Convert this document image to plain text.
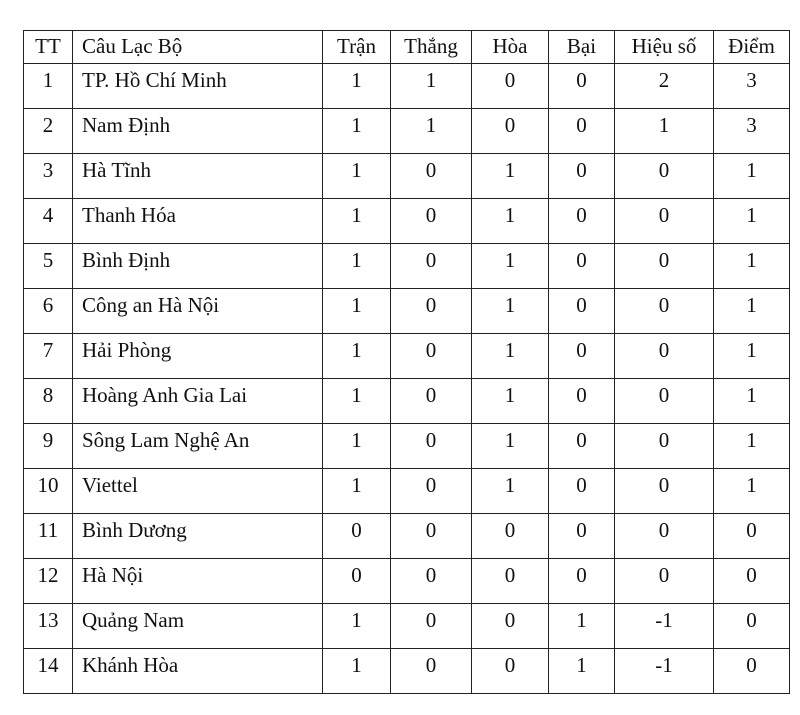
TT	Câu Lạc Bộ	Trận	Thắng	Hòa	Bại	Hiệu số	Điểm
1	TP. Hồ Chí Minh	1	1	0	0	2	3
2	Nam Định	1	1	0	0	1	3
3	Hà Tĩnh	1	0	1	0	0	1
4	Thanh Hóa	1	0	1	0	0	1
5	Bình Định	1	0	1	0	0	1
6	Công an Hà Nội	1	0	1	0	0	1
7	Hải Phòng	1	0	1	0	0	1
8	Hoàng Anh Gia Lai	1	0	1	0	0	1
9	Sông Lam Nghệ An	1	0	1	0	0	1
10	Viettel	1	0	1	0	0	1
11	Bình Dương	0	0	0	0	0	0
12	Hà Nội	0	0	0	0	0	0
13	Quảng Nam	1	0	0	1	-1	0
14	Khánh Hòa	1	0	0	1	-1	0
